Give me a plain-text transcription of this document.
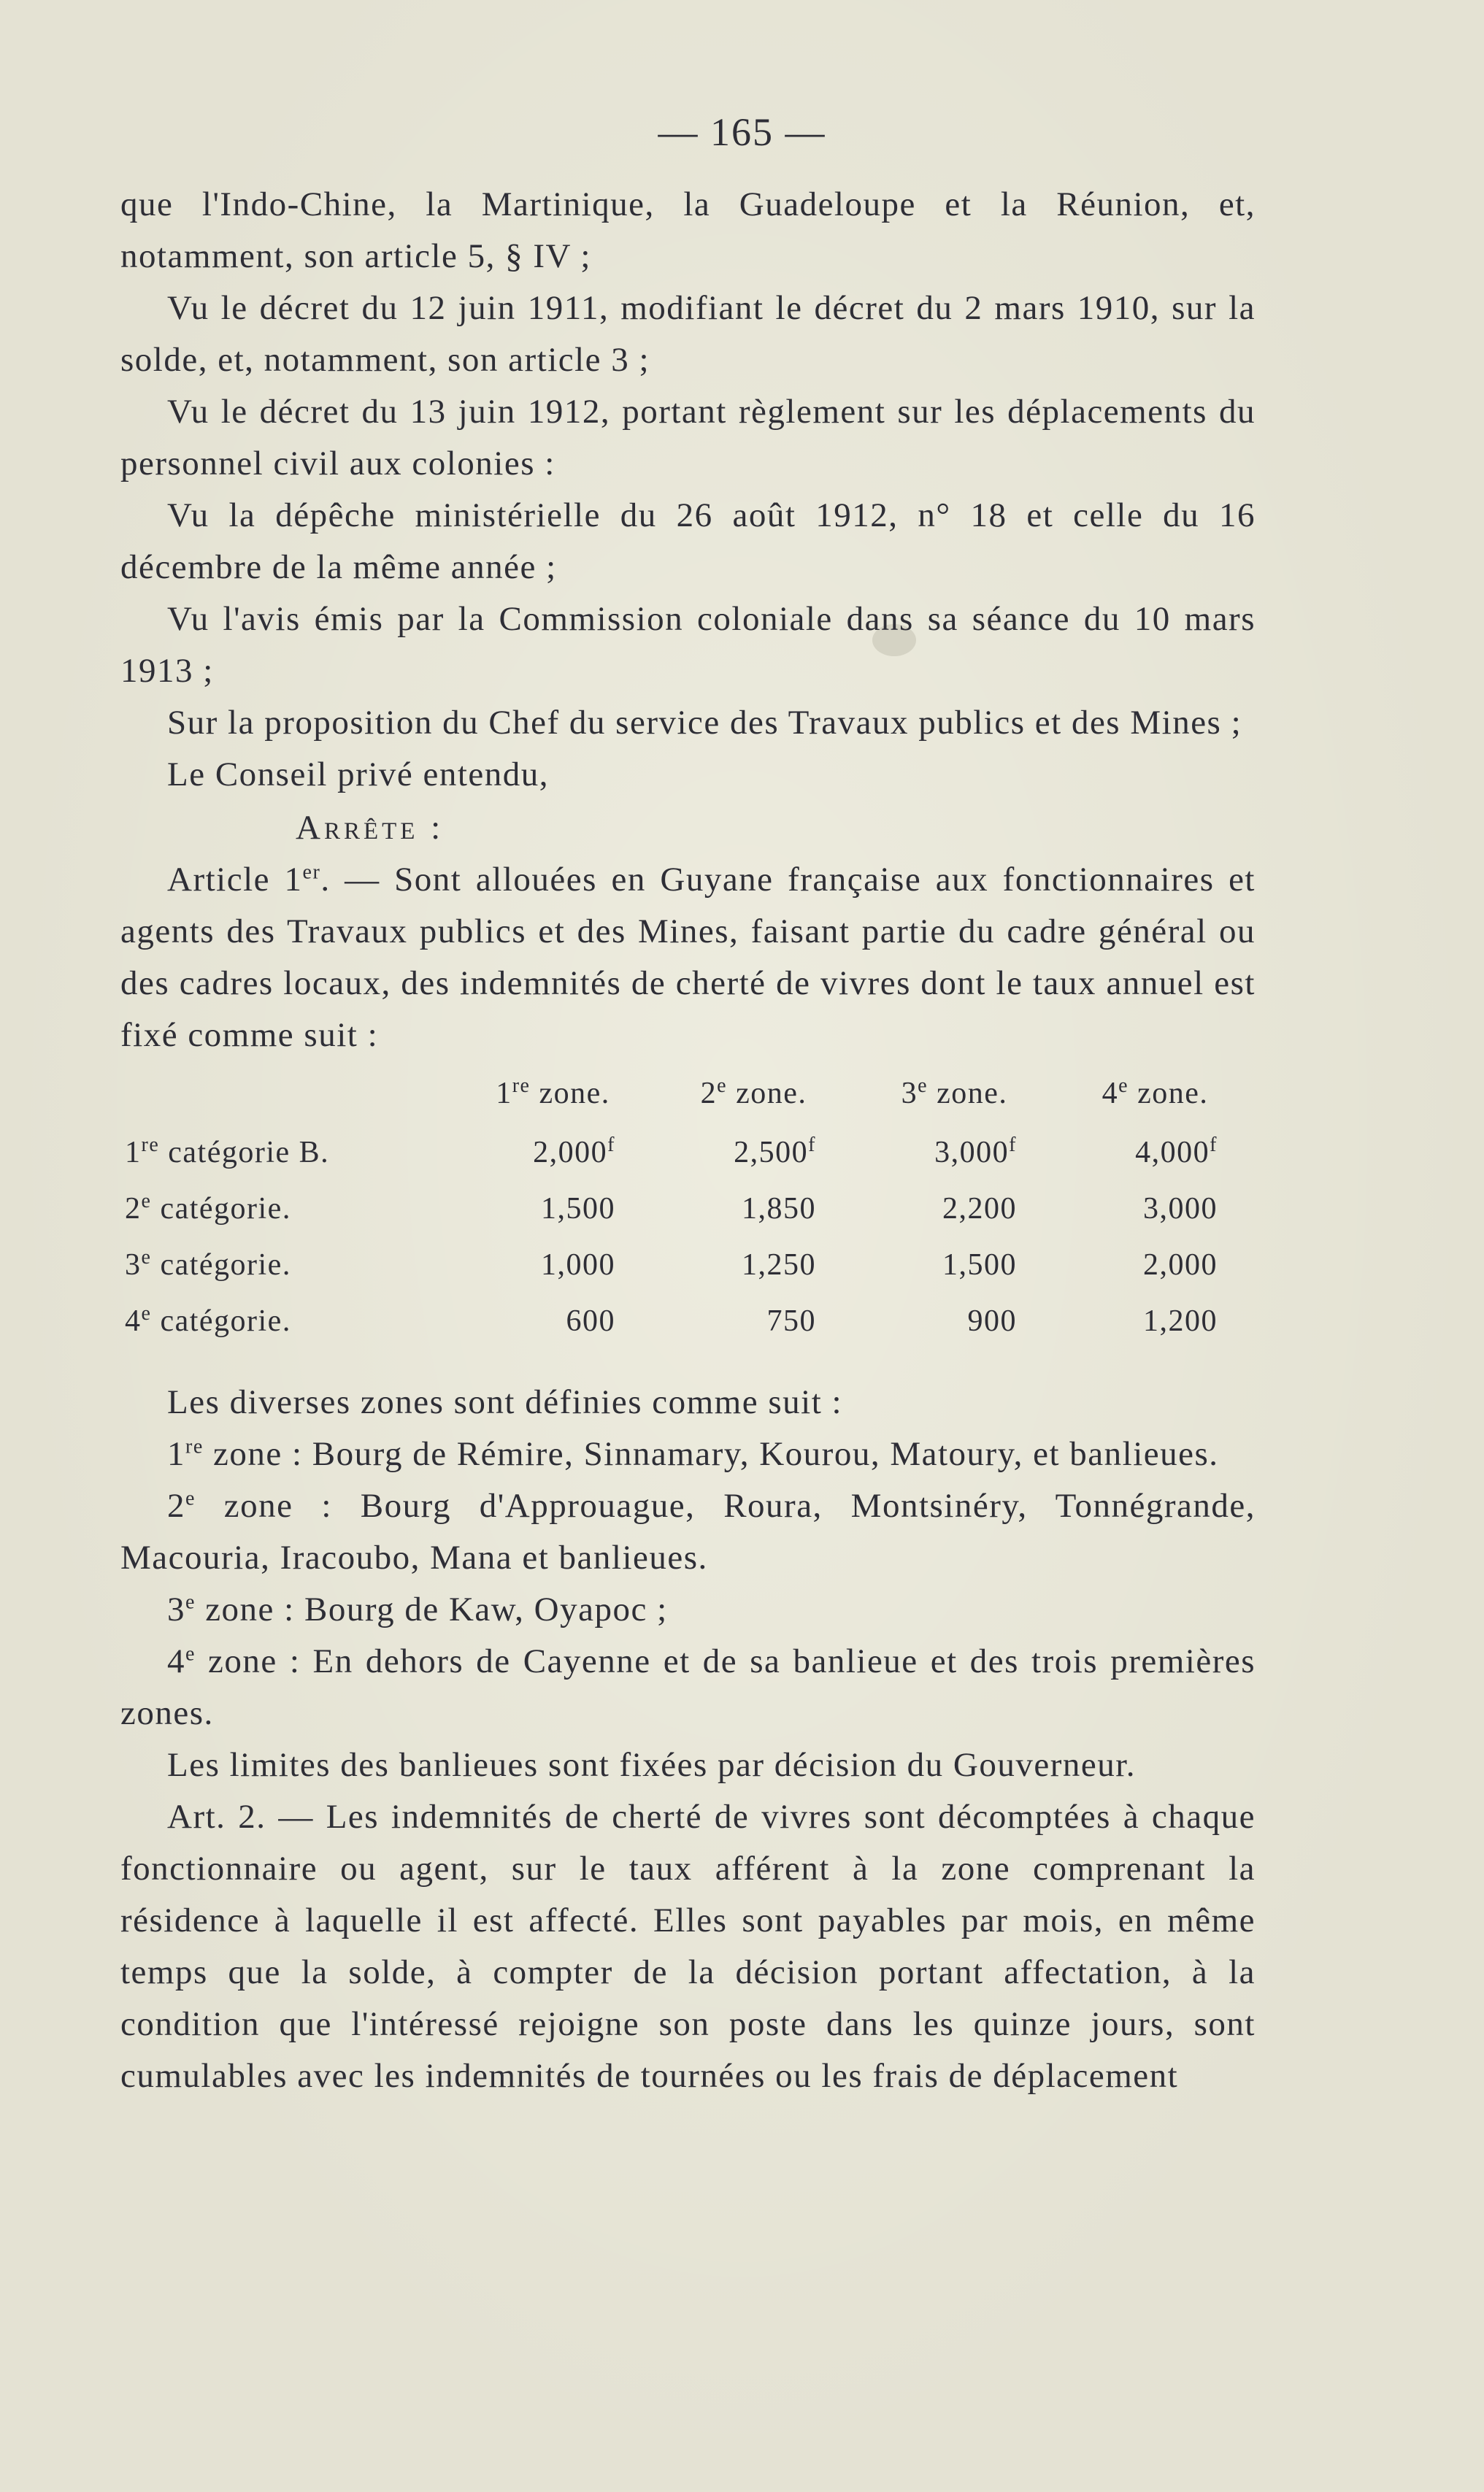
— 165 —

que l'Indo-Chine, la Martinique, la Guadeloupe et la Réunion, et, notamment, son article 5, § IV ;

Vu le décret du 12 juin 1911, modifiant le décret du 2 mars 1910, sur la solde, et, notamment, son article 3 ;

Vu le décret du 13 juin 1912, portant règlement sur les déplacements du personnel civil aux colonies :

Vu la dépêche ministérielle du 26 août 1912, n° 18 et celle du 16 décembre de la même année ;

Vu l'avis émis par la Commission coloniale dans sa séance du 10 mars 1913 ;

Sur la proposition du Chef du service des Travaux publics et des Mines ;

Le Conseil privé entendu,

Arrête :

Article 1er. — Sont allouées en Guyane française aux fonctionnaires et agents des Travaux publics et des Mines, faisant partie du cadre général ou des cadres locaux, des indemnités de cherté de vivres dont le taux annuel est fixé comme suit :

	1re zone.	2e zone.	3e zone.	4e zone.
1re catégorie B.	2,000$^f$	2,500$^f$	3,000$^f$	4,000$^f$
2e catégorie.	1,500	1,850	2,200	3,000
3e catégorie.	1,000	1,250	1,500	2,000
4e catégorie.	600	750	900	1,200

Les diverses zones sont définies comme suit :

1re zone : Bourg de Rémire, Sinnamary, Kourou, Matoury, et banlieues.

2e zone : Bourg d'Approuague, Roura, Montsinéry, Tonnégrande, Macouria, Iracoubo, Mana et banlieues.

3e zone : Bourg de Kaw, Oyapoc ;

4e zone : En dehors de Cayenne et de sa banlieue et des trois premières zones.

Les limites des banlieues sont fixées par décision du Gouverneur.

Art. 2. — Les indemnités de cherté de vivres sont décomptées à chaque fonctionnaire ou agent, sur le taux afférent à la zone comprenant la résidence à laquelle il est affecté. Elles sont payables par mois, en même temps que la solde, à compter de la décision portant affectation, à la condition que l'intéressé rejoigne son poste dans les quinze jours, sont cumulables avec les indemnités de tournées ou les frais de déplacement
